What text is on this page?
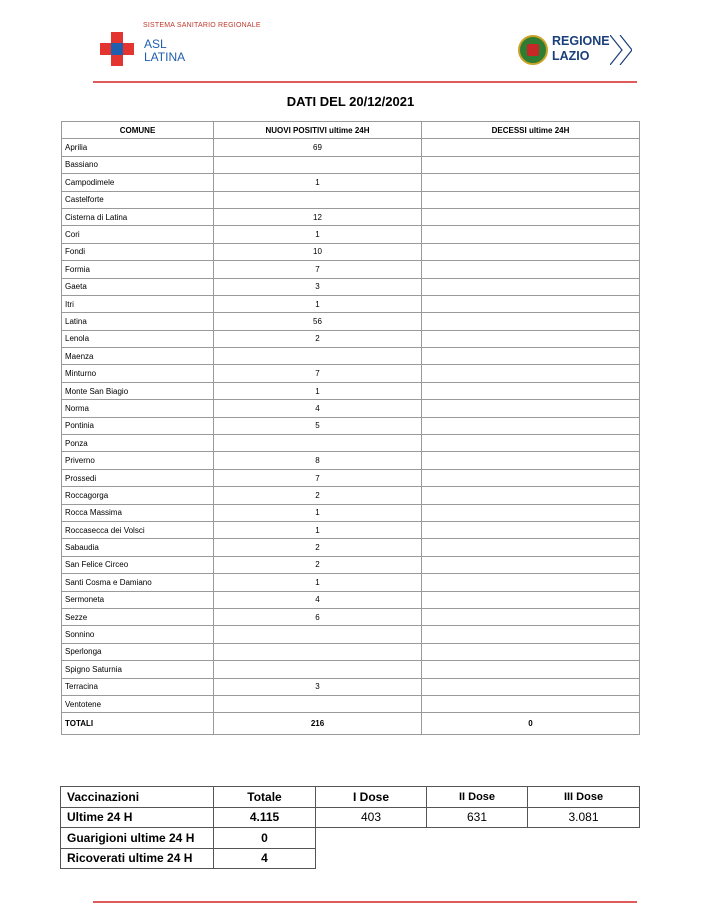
SISTEMA SANITARIO REGIONALE
ASL
LATINA
REGIONE
LAZIO
DATI DEL 20/12/2021
COMUNE	NUOVI POSITIVI ultime 24H	DECESSI ultime 24H
Aprilia	69	
Bassiano		
Campodimele	1	
Castelforte		
Cisterna di Latina	12	
Cori	1	
Fondi	10	
Formia	7	
Gaeta	3	
Itri	1	
Latina	56	
Lenola	2	
Maenza		
Minturno	7	
Monte San Biagio	1	
Norma	4	
Pontinia	5	
Ponza		
Priverno	8	
Prossedi	7	
Roccagorga	2	
Rocca Massima	1	
Roccasecca dei Volsci	1	
Sabaudia	2	
San Felice Circeo	2	
Santi Cosma e Damiano	1	
Sermoneta	4	
Sezze	6	
Sonnino		
Sperlonga		
Spigno Saturnia		
Terracina	3	
Ventotene		
TOTALI	216	0
Vaccinazioni	Totale	I Dose	II Dose	III Dose
Ultime 24 H	4.115	403	631	3.081
Guarigioni ultime 24 H	0			
Ricoverati ultime 24 H	4			
